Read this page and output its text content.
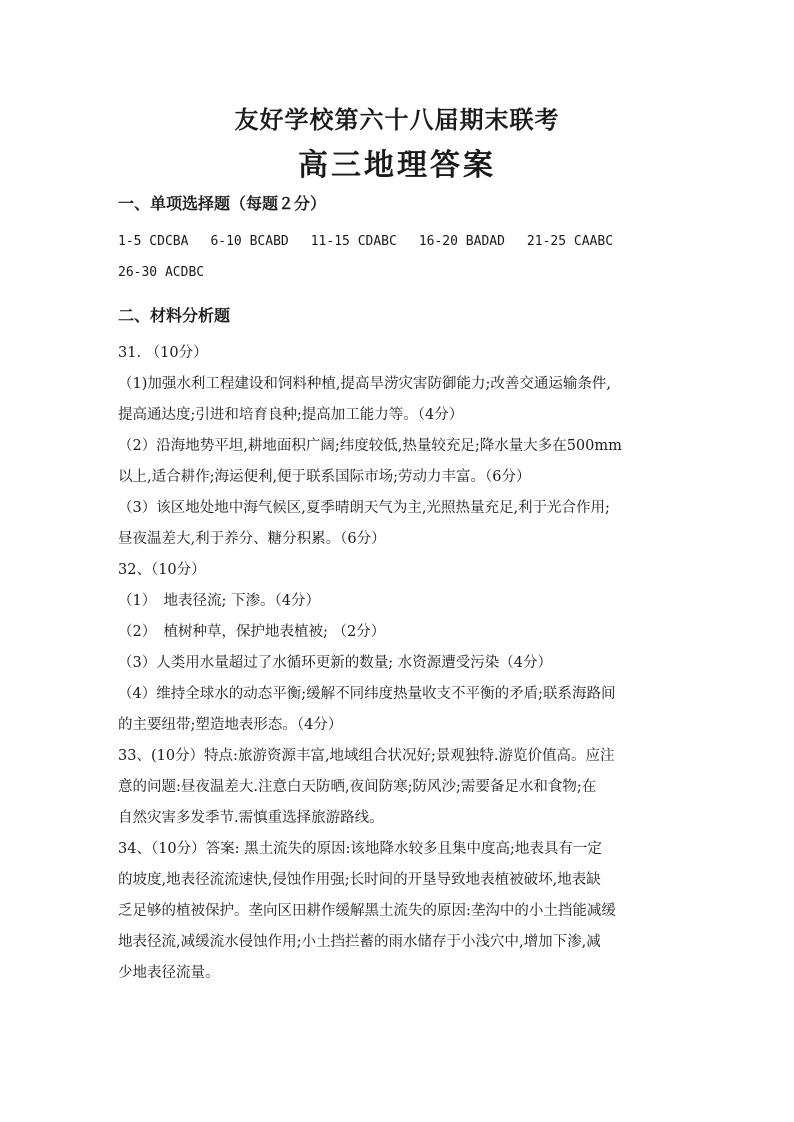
友好学校第六十八届期末联考
高三地理答案
一、单项选择题（每题２分）
1-5 CDCBA 6-10 BCABD 11-15 CDABC 16-20 BADAD 21-25 CAABC
26-30 ACDBC
二、材料分析题
31. （10分）
（1)加强水利工程建设和饲料种植,提高旱涝灾害防御能力;改善交通运输条件,
提高通达度;引进和培育良种;提高加工能力等。（4分）
（2）沿海地势平坦,耕地面积广阔;纬度较低,热量较充足;降水量大多在500mm
以上,适合耕作;海运便利,便于联系国际市场;劳动力丰富。（6分）
（3）该区地处地中海气候区,夏季晴朗天气为主,光照热量充足,利于光合作用;
昼夜温差大,利于养分、糖分积累。（6分）
32、（10分）
（1）　地表径流; 下渗。（4分）
（2）　植树种草，保护地表植被; （2分）
（3）人类用水量超过了水循环更新的数量; 水资源遭受污染（4分）
（4）维持全球水的动态平衡;缓解不同纬度热量收支不平衡的矛盾;联系海路间
的主要纽带;塑造地表形态。（4分）
33、(10分）特点:旅游资源丰富,地域组合状况好;景观独特.游览价值高。应注
意的问题:昼夜温差大.注意白天防晒,夜间防寒;防风沙;需要备足水和食物;在
自然灾害多发季节.需慎重选择旅游路线。
34、（10分）答案: 黑土流失的原因:该地降水较多且集中度高;地表具有一定
的坡度,地表径流流速快,侵蚀作用强;长时间的开垦导致地表植被破坏,地表缺
乏足够的植被保护。垄向区田耕作缓解黑土流失的原因:垄沟中的小土挡能减缓
地表径流,减缓流水侵蚀作用;小土挡拦蓄的雨水储存于小浅穴中,增加下渗,减
少地表径流量。
